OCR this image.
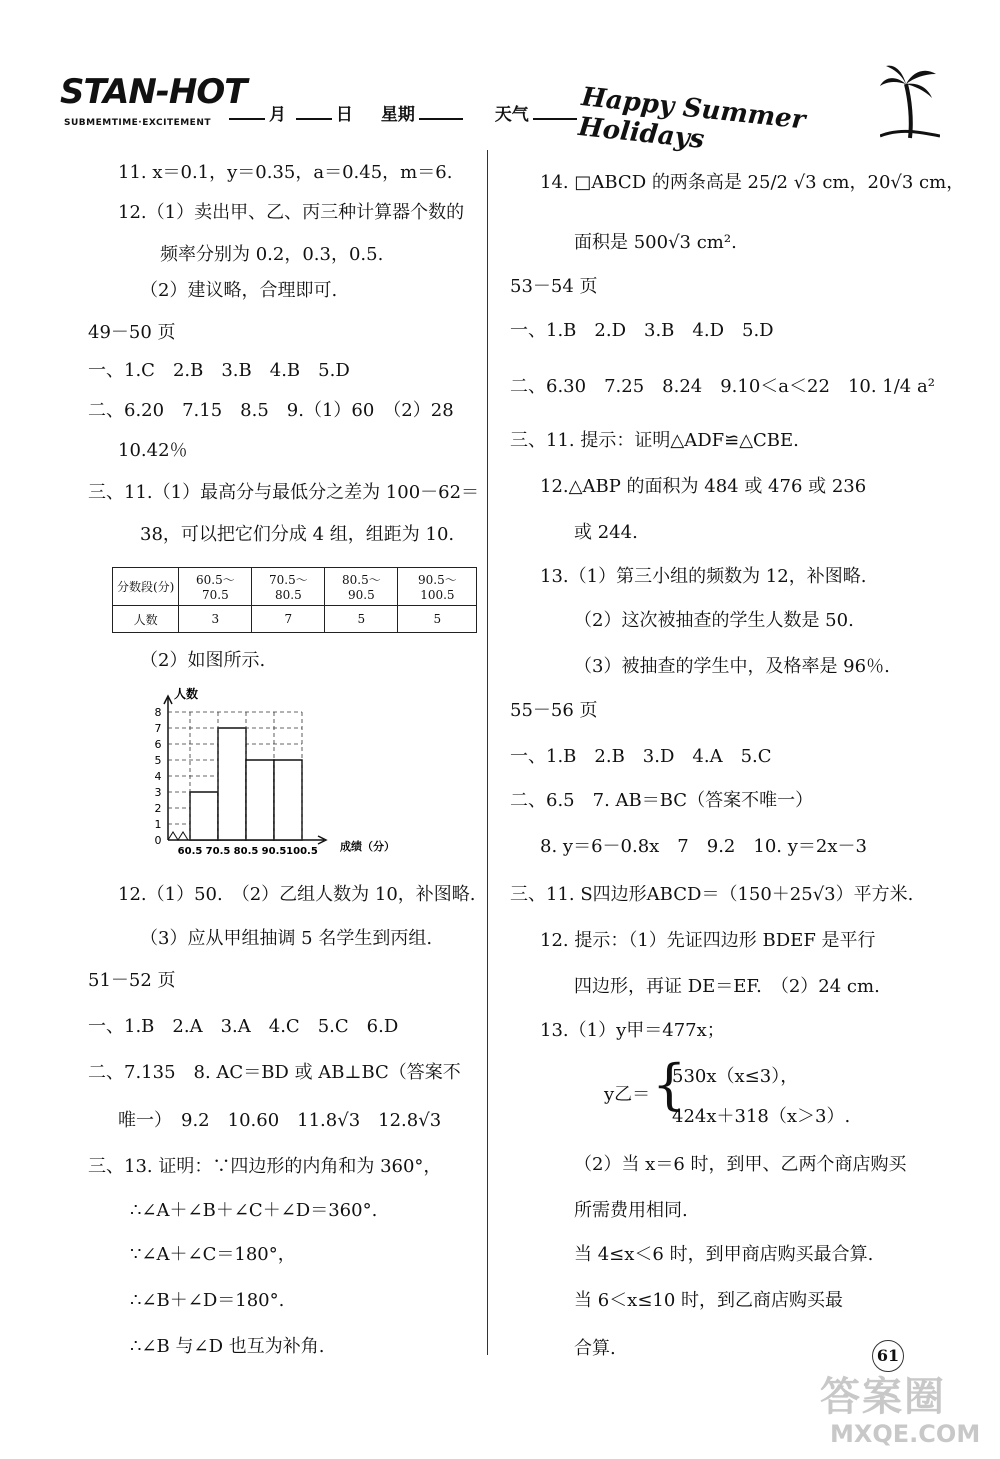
STAN-HOT
SUBMEMTIME·EXCITEMENT	月	日 星期	天气	Happy Summer Holidays
11. x＝0.1，y＝0.35，a＝0.45，m＝6.
12.（1）卖出甲、乙、丙三种计算器个数的
频率分别为 0.2，0.3，0.5.
（2）建议略，合理即可.
49－50 页
一、1.C　2.B　3.B　4.B　5.D
二、6.20　7.15　8.5　9.（1）60　（2）28
10.42％
三、11.（1）最高分与最低分之差为 100－62＝
38，可以把它们分成 4 组，组距为 10.
分数段(分)	60.5～70.5	70.5～80.5	80.5～90.5	90.5～100.5
人数	3	7	5	5
（2）如图所示.
人数
成绩（分）
0
1
2
3
4
5
6
7
8
60.5 70.5 80.5 90.5 100.5
12.（1）50.　（2）乙组人数为 10，补图略.
（3）应从甲组抽调 5 名学生到丙组.
51－52 页
一、1.B　2.A　3.A　4.C　5.C　6.D
二、7.135　8. AC＝BD 或 AB⊥BC（答案不
唯一）　9.2　10.60　11.8√3　12.8√3
三、13. 证明：∵四边形的内角和为 360°，
∴∠A＋∠B＋∠C＋∠D＝360°.
∵∠A＋∠C＝180°，
∴∠B＋∠D＝180°.
∴∠B 与∠D 也互为补角.
14. □ABCD 的两条高是 25/2 √3 cm，20√3 cm，
面积是 500√3 cm².
53－54 页
一、1.B　2.D　3.B　4.D　5.D
二、6.30　7.25　8.24　9.10＜a＜22　10. 1/4 a²
三、11. 提示：证明△ADF≌△CBE.
12.△ABP 的面积为 484 或 476 或 236
或 244.
13.（1）第三小组的频数为 12，补图略.
（2）这次被抽查的学生人数是 50.
（3）被抽查的学生中，及格率是 96％.
55－56 页
一、1.B　2.B　3.D　4.A　5.C
二、6.5　7. AB＝BC（答案不唯一）
8. y＝6－0.8x　7　9.2　10. y＝2x－3
三、11. S四边形ABCD＝（150＋25√3）平方米.
12. 提示：（1）先证四边形 BDEF 是平行
四边形，再证 DE＝EF.　（2）24 cm.
13.（1）y甲＝477x；
y乙＝ {
530x（x≤3），
424x＋318（x＞3）.
（2）当 x＝6 时，到甲、乙两个商店购买
所需费用相同.
当 4≤x＜6 时，到甲商店购买最合算.
当 6＜x≤10 时，到乙商店购买最
合算.	61
答案圈
MXQE.COM
